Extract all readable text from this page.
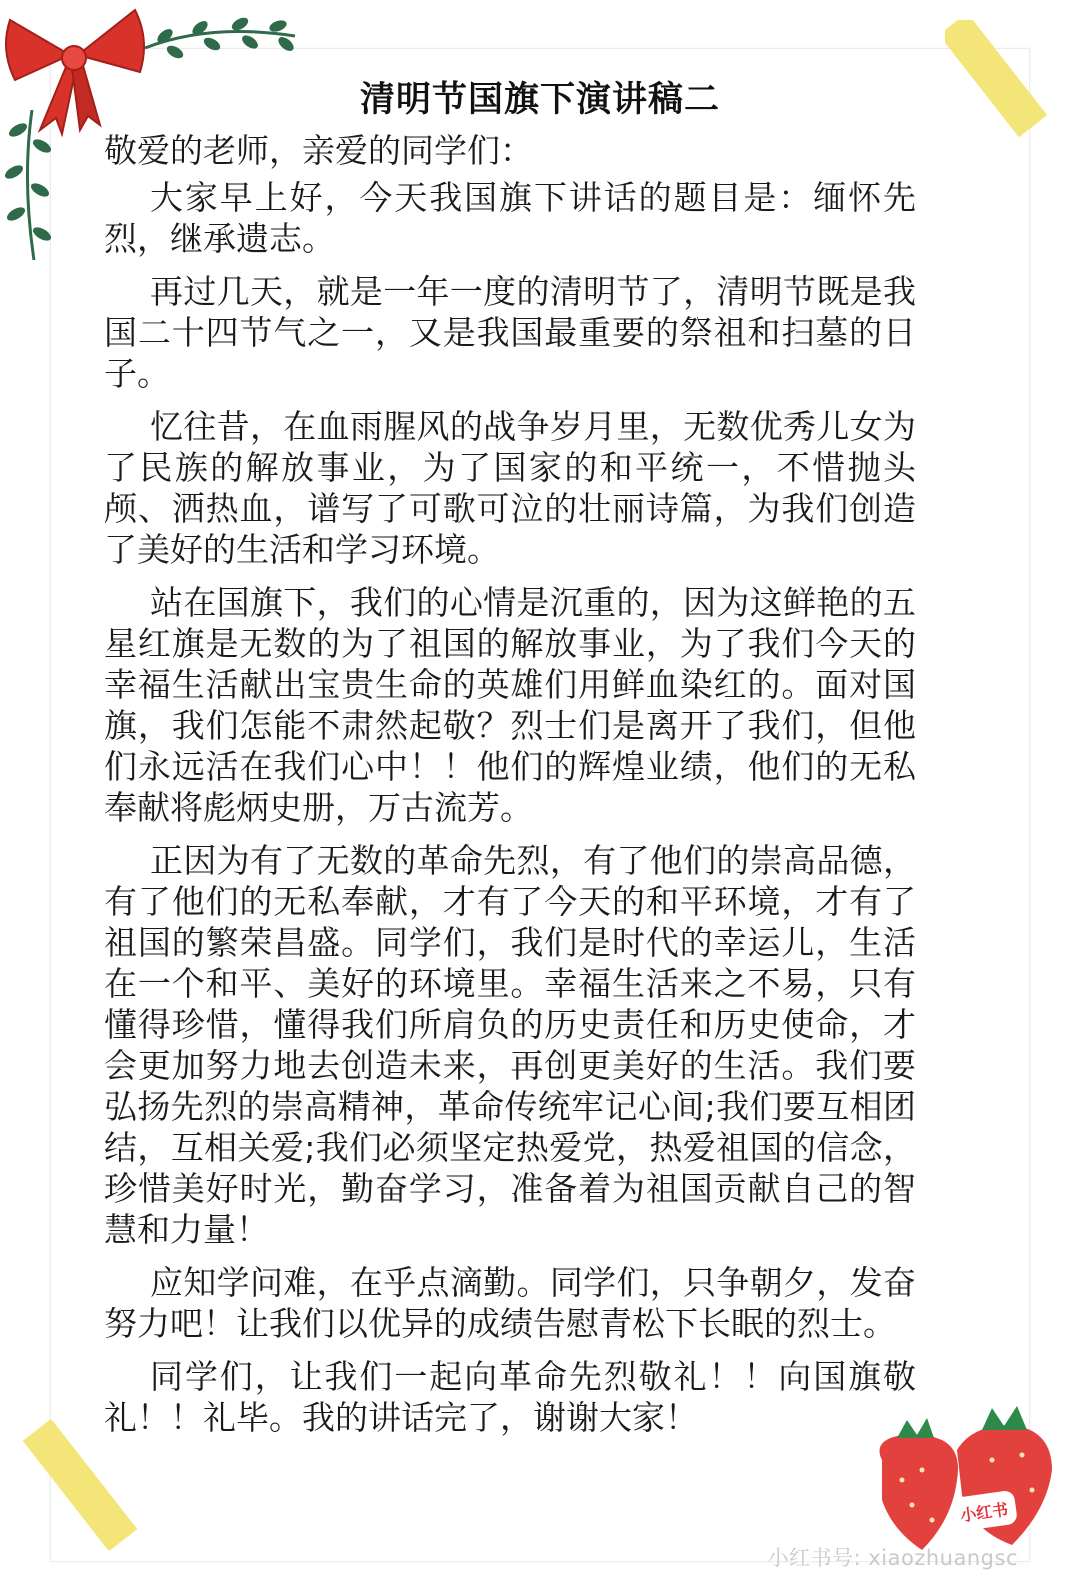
清明节国旗下演讲稿二

敬爱的老师，亲爱的同学们：

大家早上好，今天我国旗下讲话的题目是：缅怀先烈，继承遗志。

再过几天，就是一年一度的清明节了，清明节既是我国二十四节气之一，又是我国最重要的祭祖和扫墓的日子。

忆往昔，在血雨腥风的战争岁月里，无数优秀儿女为了民族的解放事业，为了国家的和平统一，不惜抛头颅、洒热血，谱写了可歌可泣的壮丽诗篇，为我们创造了美好的生活和学习环境。

站在国旗下，我们的心情是沉重的，因为这鲜艳的五星红旗是无数的为了祖国的解放事业，为了我们今天的幸福生活献出宝贵生命的英雄们用鲜血染红的。面对国旗，我们怎能不肃然起敬？烈士们是离开了我们，但他们永远活在我们心中！！他们的辉煌业绩，他们的无私奉献将彪炳史册，万古流芳。

正因为有了无数的革命先烈，有了他们的崇高品德，有了他们的无私奉献，才有了今天的和平环境，才有了祖国的繁荣昌盛。同学们，我们是时代的幸运儿，生活在一个和平、美好的环境里。幸福生活来之不易，只有懂得珍惜，懂得我们所肩负的历史责任和历史使命，才会更加努力地去创造未来，再创更美好的生活。我们要弘扬先烈的崇高精神，革命传统牢记心间;我们要互相团结，互相关爱;我们必须坚定热爱党，热爱祖国的信念，珍惜美好时光，勤奋学习，准备着为祖国贡献自己的智慧和力量！

应知学问难，在乎点滴勤。同学们，只争朝夕，发奋努力吧！让我们以优异的成绩告慰青松下长眠的烈士。

同学们，让我们一起向革命先烈敬礼！！向国旗敬礼！！礼毕。我的讲话完了，谢谢大家！

小红书
小红书号: xiaozhuangsc
